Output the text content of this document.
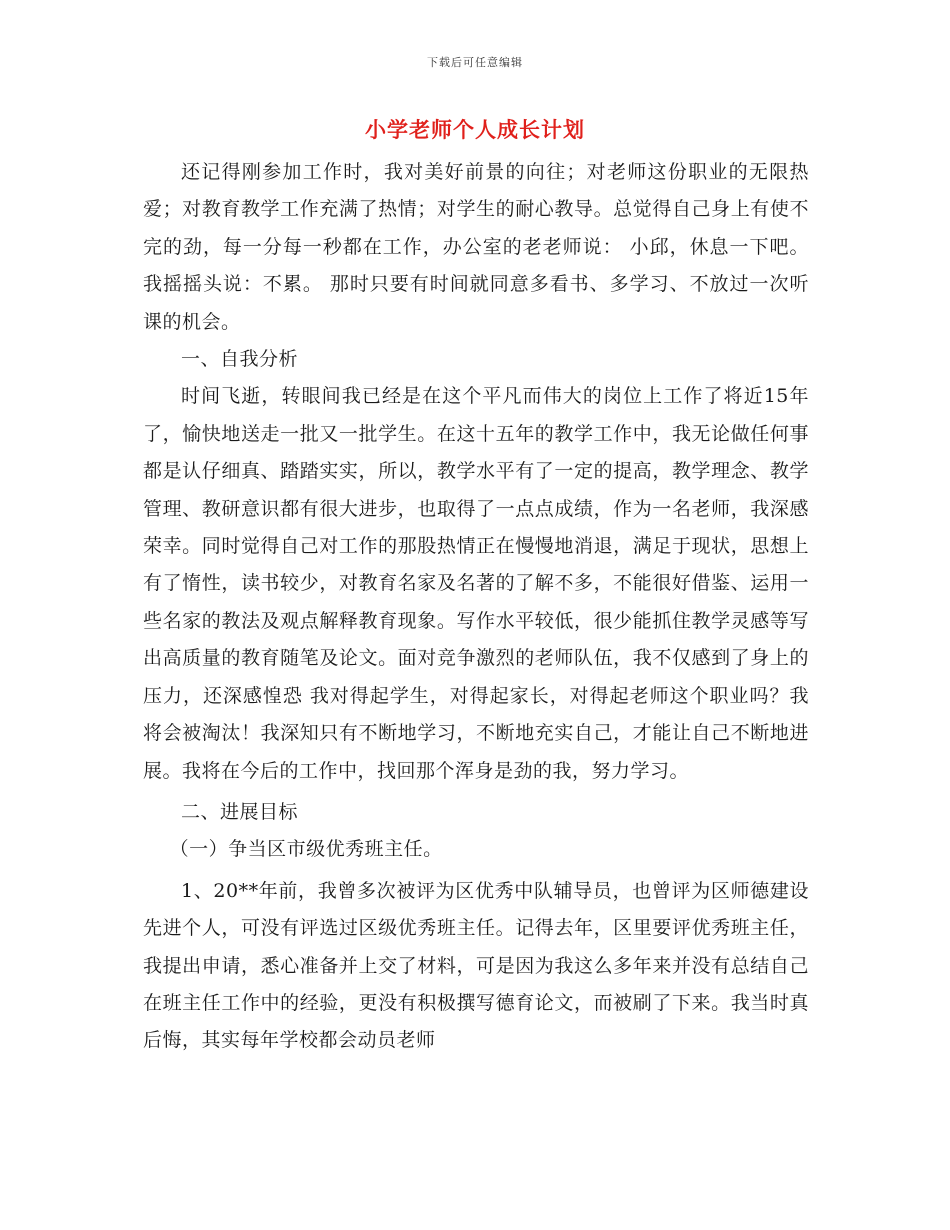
下载后可任意编辑
小学老师个人成长计划

还记得刚参加工作时，我对美好前景的向往；对老师这份职业的无限热爱；对教育教学工作充满了热情；对学生的耐心教导。总觉得自己身上有使不完的劲，每一分每一秒都在工作，办公室的老老师说： 小邱，休息一下吧。 我摇摇头说：不累。 那时只要有时间就同意多看书、多学习、不放过一次听课的机会。

一、自我分析

时间飞逝，转眼间我已经是在这个平凡而伟大的岗位上工作了将近15年了，愉快地送走一批又一批学生。在这十五年的教学工作中，我无论做任何事都是认仔细真、踏踏实实，所以，教学水平有了一定的提高，教学理念、教学管理、教研意识都有很大进步，也取得了一点点成绩，作为一名老师，我深感荣幸。同时觉得自己对工作的那股热情正在慢慢地消退，满足于现状，思想上有了惰性，读书较少，对教育名家及名著的了解不多，不能很好借鉴、运用一些名家的教法及观点解释教育现象。写作水平较低，很少能抓住教学灵感等写出高质量的教育随笔及论文。面对竞争激烈的老师队伍，我不仅感到了身上的压力，还深感惶恐 我对得起学生，对得起家长，对得起老师这个职业吗？我将会被淘汰！我深知只有不断地学习，不断地充实自己，才能让自己不断地进展。我将在今后的工作中，找回那个浑身是劲的我，努力学习。

二、进展目标

（一）争当区市级优秀班主任。

1、20**年前，我曾多次被评为区优秀中队辅导员，也曾评为区师德建设先进个人，可没有评选过区级优秀班主任。记得去年，区里要评优秀班主任，我提出申请，悉心准备并上交了材料，可是因为我这么多年来并没有总结自己在班主任工作中的经验，更没有积极撰写德育论文，而被刷了下来。我当时真后悔，其实每年学校都会动员老师
